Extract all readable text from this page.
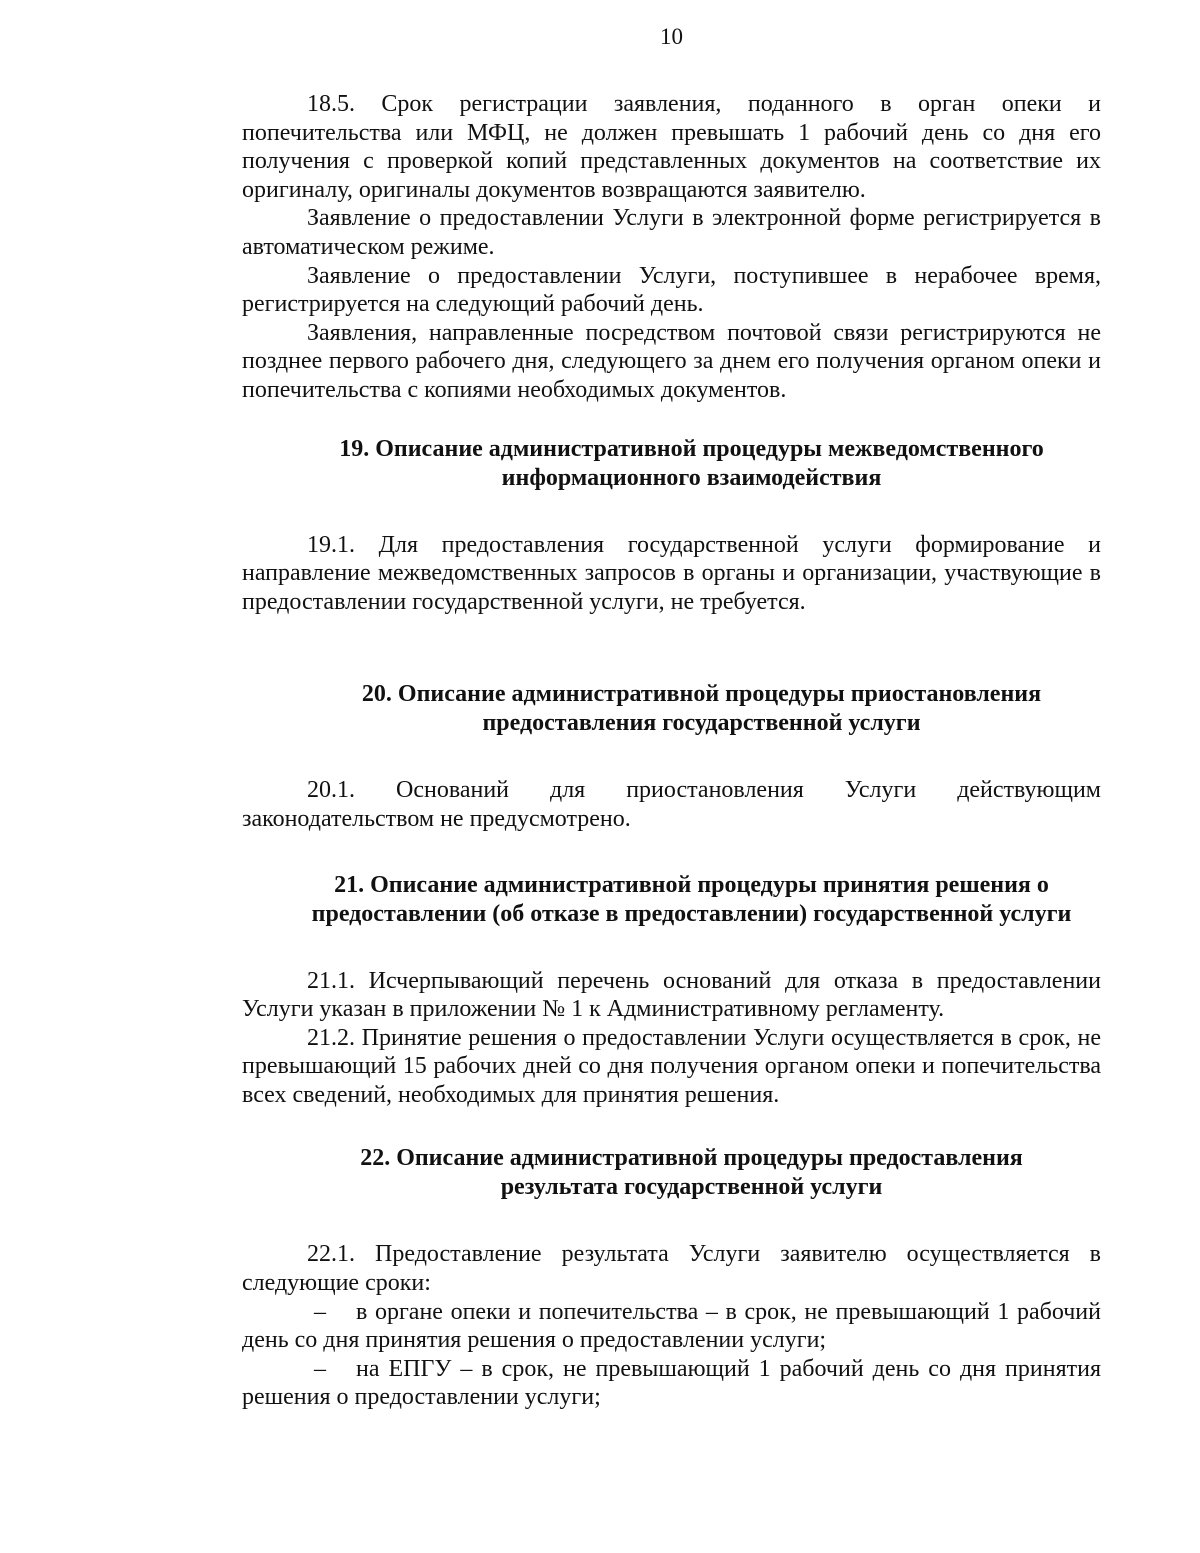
10

18.5. Срок регистрации заявления, поданного в орган опеки и попечительства или МФЦ, не должен превышать 1 рабочий день со дня его получения с проверкой копий представленных документов на соответствие их оригиналу, оригиналы документов возвращаются заявителю.

Заявление о предоставлении Услуги в электронной форме регистрируется в автоматическом режиме.

Заявление о предоставлении Услуги, поступившее в нерабочее время, регистрируется на следующий рабочий день.

Заявления, направленные посредством почтовой связи регистрируются не позднее первого рабочего дня, следующего за днем его получения органом опеки и попечительства с копиями необходимых документов.

19. Описание административной процедуры межведомственного
информационного взаимодействия

19.1. Для предоставления государственной услуги формирование и направление межведомственных запросов в органы и организации, участвующие в предоставлении государственной услуги, не требуется.

20. Описание административной процедуры приостановления
предоставления государственной услуги

20.1. Оснований для приостановления Услуги действующим законодательством не предусмотрено.

21. Описание административной процедуры принятия решения о
предоставлении (об отказе в предоставлении) государственной услуги

21.1. Исчерпывающий перечень оснований для отказа в предоставлении Услуги указан в приложении № 1 к Административному регламенту.

21.2. Принятие решения о предоставлении Услуги осуществляется в срок, не превышающий 15 рабочих дней со дня получения органом опеки и попечительства всех сведений, необходимых для принятия решения.

22. Описание административной процедуры предоставления
результата государственной услуги

22.1. Предоставление результата Услуги заявителю осуществляется в следующие сроки:

– в органе опеки и попечительства – в срок, не превышающий 1 рабочий день со дня принятия решения о предоставлении услуги;

– на ЕПГУ – в срок, не превышающий 1 рабочий день со дня принятия решения о предоставлении услуги;
